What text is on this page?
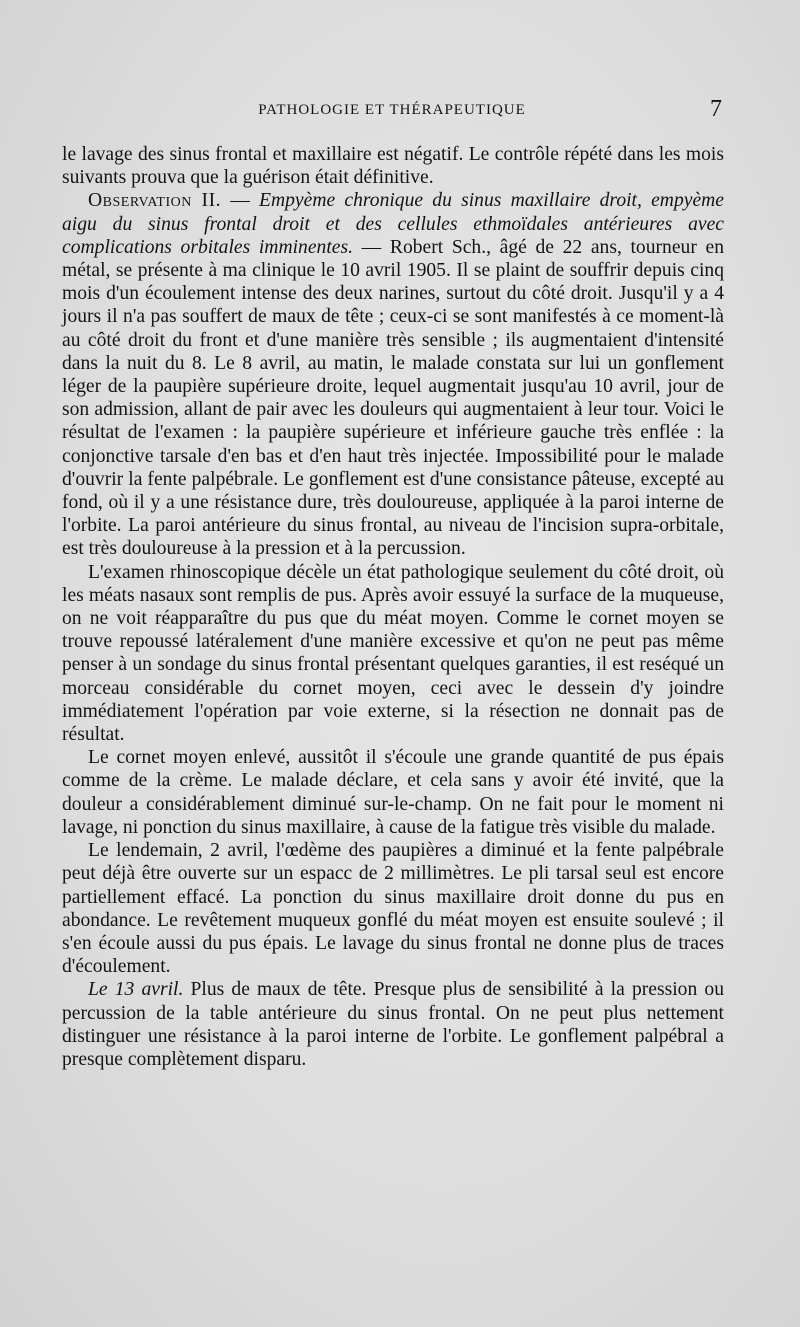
PATHOLOGIE ET THÉRAPEUTIQUE	7

le lavage des sinus frontal et maxillaire est négatif. Le contrôle répété dans les mois suivants prouva que la guérison était définitive.

Observation II. — Empyème chronique du sinus maxillaire droit, empyème aigu du sinus frontal droit et des cellules ethmoïdales antérieures avec complications orbitales imminentes. — Robert Sch., âgé de 22 ans, tourneur en métal, se présente à ma clinique le 10 avril 1905. Il se plaint de souffrir depuis cinq mois d'un écoulement intense des deux narines, surtout du côté droit. Jusqu'il y a 4 jours il n'a pas souffert de maux de tête ; ceux-ci se sont manifestés à ce moment-là au côté droit du front et d'une manière très sensible ; ils augmentaient d'intensité dans la nuit du 8. Le 8 avril, au matin, le malade constata sur lui un gonflement léger de la paupière supérieure droite, lequel augmentait jusqu'au 10 avril, jour de son admission, allant de pair avec les douleurs qui augmentaient à leur tour. Voici le résultat de l'examen : la paupière supérieure et inférieure gauche très enflée : la conjonctive tarsale d'en bas et d'en haut très injectée. Impossibilité pour le malade d'ouvrir la fente palpébrale. Le gonflement est d'une consistance pâteuse, excepté au fond, où il y a une résistance dure, très douloureuse, appliquée à la paroi interne de l'orbite. La paroi antérieure du sinus frontal, au niveau de l'incision supra-orbitale, est très douloureuse à la pression et à la percussion.

L'examen rhinoscopique décèle un état pathologique seulement du côté droit, où les méats nasaux sont remplis de pus. Après avoir essuyé la surface de la muqueuse, on ne voit réapparaître du pus que du méat moyen. Comme le cornet moyen se trouve repoussé latéralement d'une manière excessive et qu'on ne peut pas même penser à un sondage du sinus frontal présentant quelques garanties, il est reséqué un morceau considérable du cornet moyen, ceci avec le dessein d'y joindre immédiatement l'opération par voie externe, si la résection ne donnait pas de résultat.

Le cornet moyen enlevé, aussitôt il s'écoule une grande quantité de pus épais comme de la crème. Le malade déclare, et cela sans y avoir été invité, que la douleur a considérablement diminué sur-le-champ. On ne fait pour le moment ni lavage, ni ponction du sinus maxillaire, à cause de la fatigue très visible du malade.

Le lendemain, 2 avril, l'œdème des paupières a diminué et la fente palpébrale peut déjà être ouverte sur un espacc de 2 millimètres. Le pli tarsal seul est encore partiellement effacé. La ponction du sinus maxillaire droit donne du pus en abondance. Le revêtement muqueux gonflé du méat moyen est ensuite soulevé ; il s'en écoule aussi du pus épais. Le lavage du sinus frontal ne donne plus de traces d'écoulement.

Le 13 avril. Plus de maux de tête. Presque plus de sensibilité à la pression ou percussion de la table antérieure du sinus frontal. On ne peut plus nettement distinguer une résistance à la paroi interne de l'orbite. Le gonflement palpébral a presque complètement disparu.
